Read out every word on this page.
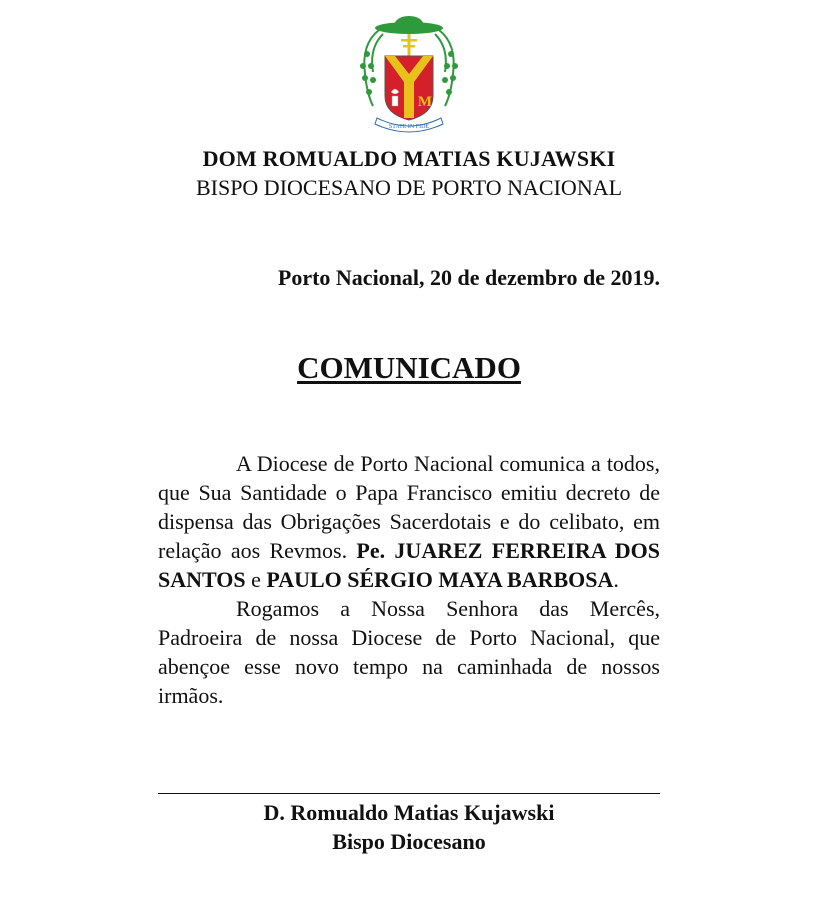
M
STATE IN FIDE
DOM ROMUALDO MATIAS KUJAWSKI
BISPO DIOCESANO DE PORTO NACIONAL
Porto Nacional, 20 de dezembro de 2019.
COMUNICADO

A Diocese de Porto Nacional comunica a todos, que Sua Santidade o Papa Francisco emitiu decreto de dispensa das Obrigações Sacerdotais e do celibato, em relação aos Revmos. Pe. JUAREZ FERREIRA DOS SANTOS e PAULO SÉRGIO MAYA BARBOSA.

Rogamos a Nossa Senhora das Mercês, Padroeira de nossa Diocese de Porto Nacional, que abençoe esse novo tempo na caminhada de nossos irmãos.

D. Romualdo Matias Kujawski
Bispo Diocesano
